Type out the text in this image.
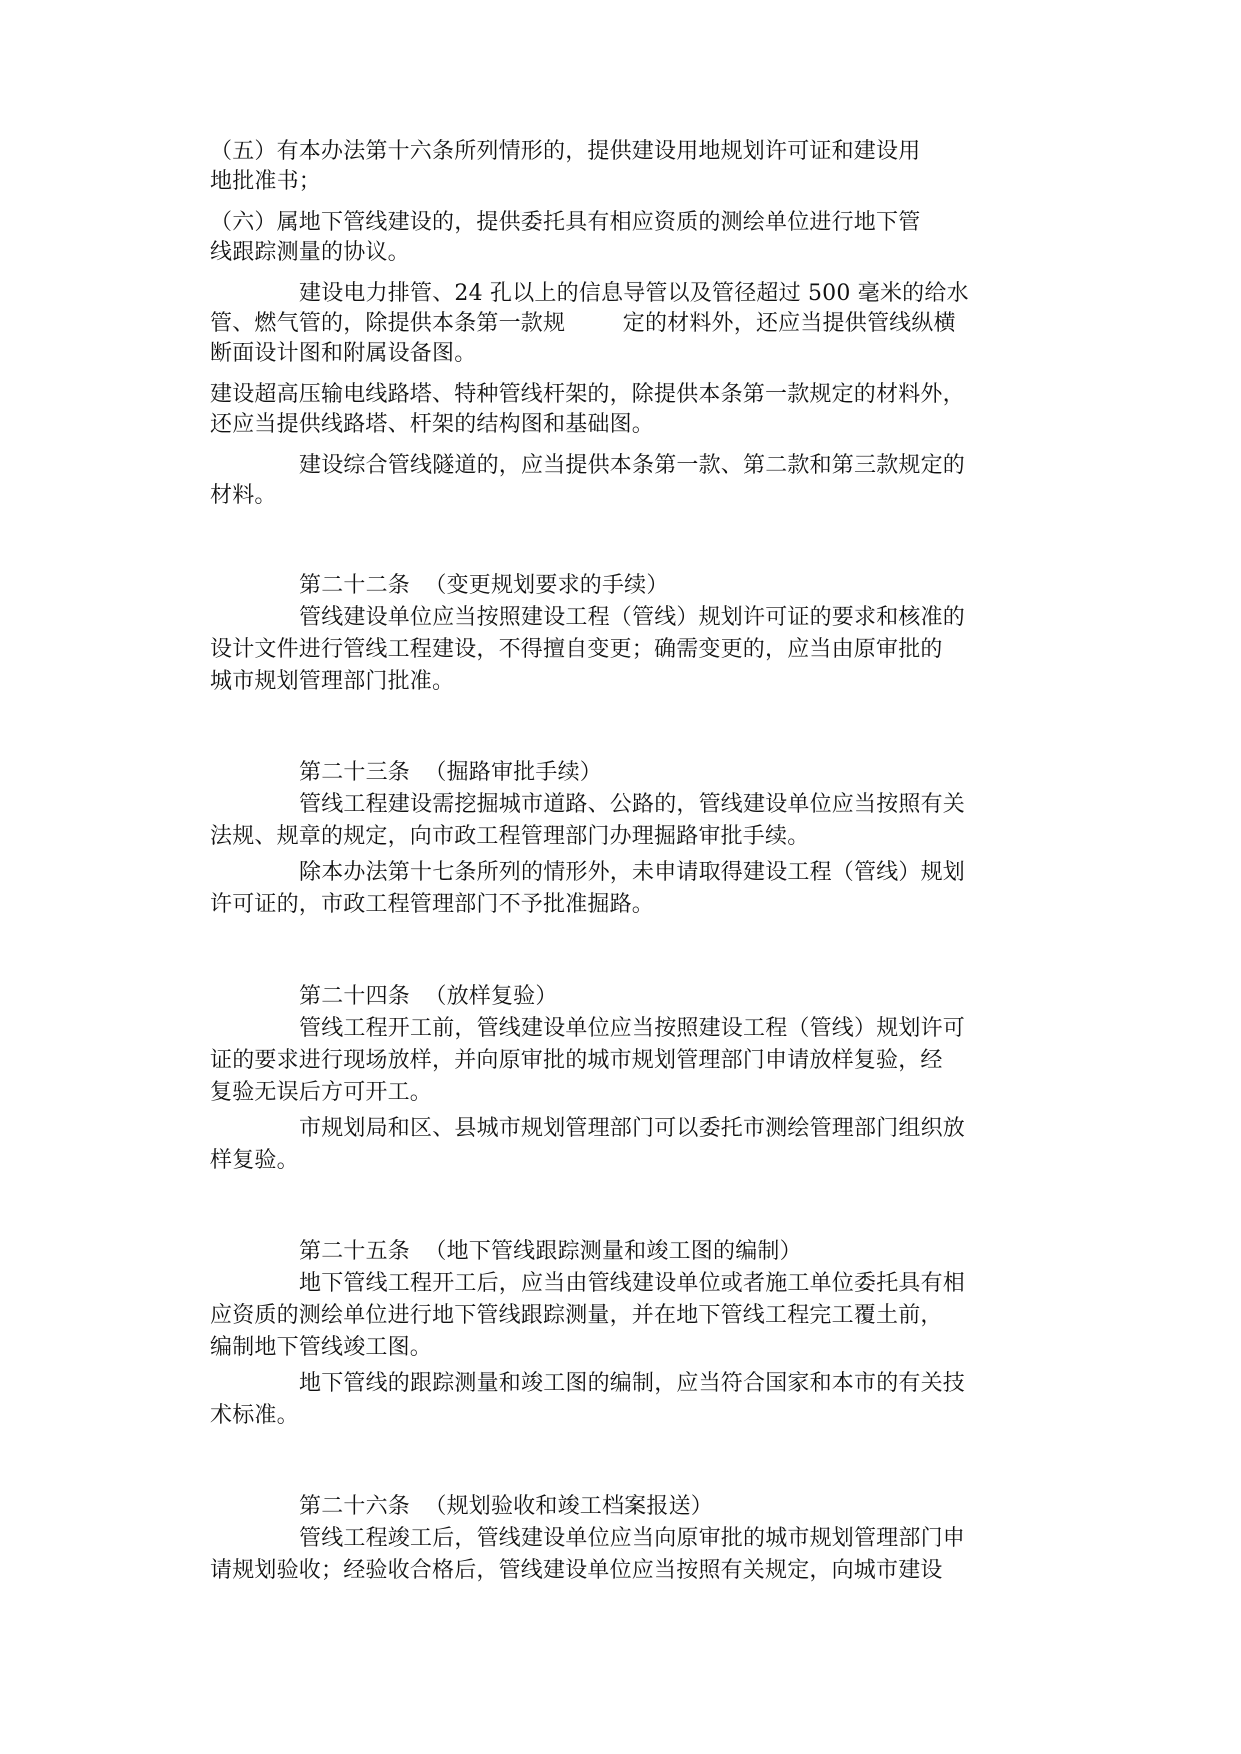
（五）有本办法第十六条所列情形的，提供建设用地规划许可证和建设用
地批准书；
（六）属地下管线建设的，提供委托具有相应资质的测绘单位进行地下管
线跟踪测量的协议。
建设电力排管、24 孔以上的信息导管以及管径超过 500 毫米的给水
管、燃气管的，除提供本条第一款规        定的材料外，还应当提供管线纵横
断面设计图和附属设备图。
建设超高压输电线路塔、特种管线杆架的，除提供本条第一款规定的材料外，
还应当提供线路塔、杆架的结构图和基础图。
建设综合管线隧道的，应当提供本条第一款、第二款和第三款规定的
材料。
第二十二条  （变更规划要求的手续）
管线建设单位应当按照建设工程（管线）规划许可证的要求和核准的
设计文件进行管线工程建设，不得擅自变更；确需变更的，应当由原审批的
城市规划管理部门批准。
第二十三条  （掘路审批手续）
管线工程建设需挖掘城市道路、公路的，管线建设单位应当按照有关
法规、规章的规定，向市政工程管理部门办理掘路审批手续。
除本办法第十七条所列的情形外，未申请取得建设工程（管线）规划
许可证的，市政工程管理部门不予批准掘路。
第二十四条  （放样复验）
管线工程开工前，管线建设单位应当按照建设工程（管线）规划许可
证的要求进行现场放样，并向原审批的城市规划管理部门申请放样复验，经
复验无误后方可开工。
市规划局和区、县城市规划管理部门可以委托市测绘管理部门组织放
样复验。
第二十五条  （地下管线跟踪测量和竣工图的编制）
地下管线工程开工后，应当由管线建设单位或者施工单位委托具有相
应资质的测绘单位进行地下管线跟踪测量，并在地下管线工程完工覆土前，
编制地下管线竣工图。
地下管线的跟踪测量和竣工图的编制，应当符合国家和本市的有关技
术标准。
第二十六条  （规划验收和竣工档案报送）
管线工程竣工后，管线建设单位应当向原审批的城市规划管理部门申
请规划验收；经验收合格后，管线建设单位应当按照有关规定，向城市建设
